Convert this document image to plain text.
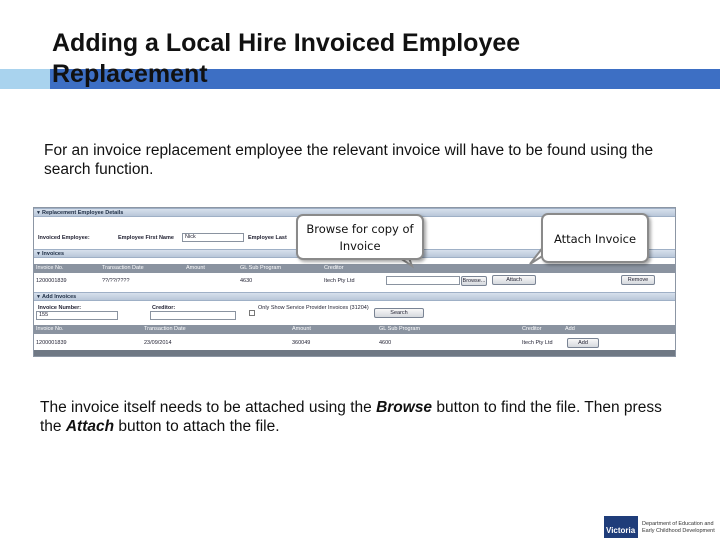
Adding a Local Hire Invoiced Employee Replacement

For an invoice replacement employee the relevant invoice will have to be found using the search function.

▼ Replacement Employee Details
Invoiced Employee:	Employee First Name	Nick	Employee Last
▼ Invoices
Invoice No.	Transaction Date	Amount	GL Sub Program	Creditor
1200001839	??/??/????	4630	Itech Pty Ltd	Browse...	Attach	Remove
▼ Add Invoices
Invoice Number:
155
Creditor:	Only Show Service Provider Invoices (31204)
Search
Invoice No.	Transaction Date	Amount	GL Sub Program	Creditor	Add
1200001839	23/09/2014	360049	4600	Itech Pty Ltd	Add
Browse for copy of Invoice	Attach Invoice

The invoice itself needs to be attached using the Browse button to find the file. Then press the Attach button to attach the file.

Victoria
Department of Education and
Early Childhood Development
